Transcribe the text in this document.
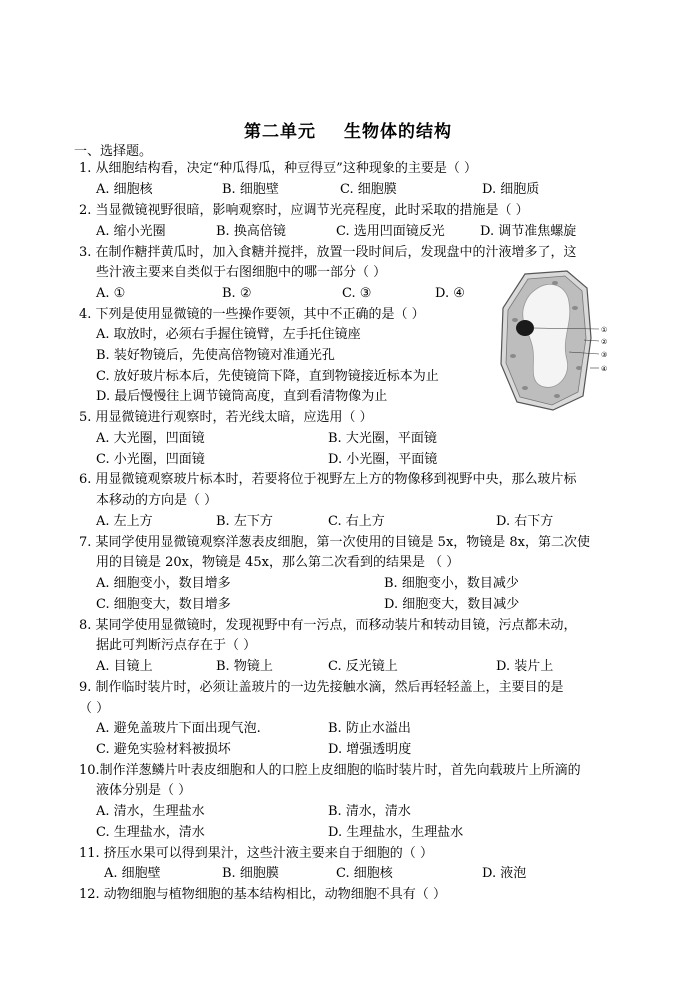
第二单元 生物体的结构
一、选择题。
1. 从细胞结构看，决定“种瓜得瓜，种豆得豆”这种现象的主要是（ ）
A. 细胞核	B. 细胞壁	C. 细胞膜	D. 细胞质
2. 当显微镜视野很暗，影响观察时，应调节光亮程度，此时采取的措施是（ ）
A. 缩小光圈	B. 换高倍镜	C. 选用凹面镜反光	D. 调节准焦螺旋
3. 在制作糖拌黄瓜时，加入食糖并搅拌，放置一段时间后，发现盘中的汁液增多了，这
些汁液主要来自类似于右图细胞中的哪一部分（ ）
A. ①	B. ②	C. ③	D. ④
4. 下列是使用显微镜的一些操作要领，其中不正确的是（ ）
A. 取放时，必须右手握住镜臂，左手托住镜座
B. 装好物镜后，先使高倍物镜对准通光孔
C. 放好玻片标本后，先使镜筒下降，直到物镜接近标本为止
D. 最后慢慢往上调节镜筒高度，直到看清物像为止
5. 用显微镜进行观察时，若光线太暗，应选用（ ）
A. 大光圈，凹面镜	B. 大光圈，平面镜
C. 小光圈，凹面镜	D. 小光圈，平面镜
6. 用显微镜观察玻片标本时，若要将位于视野左上方的物像移到视野中央，那么玻片标
本移动的方向是（ ）
A. 左上方	B. 左下方	C. 右上方	D. 右下方
7. 某同学使用显微镜观察洋葱表皮细胞，第一次使用的目镜是 5x，物镜是 8x，第二次使
用的目镜是 20x，物镜是 45x，那么第二次看到的结果是 （ ）
A. 细胞变小，数目增多	B. 细胞变小，数目减少
C. 细胞变大，数目增多	D. 细胞变大，数目减少
8. 某同学使用显微镜时，发现视野中有一污点，而移动装片和转动目镜，污点都未动，
据此可判断污点存在于（ ）
A. 目镜上	B. 物镜上	C. 反光镜上	D. 装片上
9. 制作临时装片时，必须让盖玻片的一边先接触水滴，然后再轻轻盖上，主要目的是
（ ）
A. 避免盖玻片下面出现气泡.	B. 防止水溢出
C. 避免实验材料被损坏	D. 增强透明度
10.制作洋葱鳞片叶表皮细胞和人的口腔上皮细胞的临时装片时，首先向载玻片上所滴的
液体分别是（ ）
A. 清水，生理盐水	B. 清水，清水
C. 生理盐水，清水	D. 生理盐水，生理盐水
11. 挤压水果可以得到果汁，这些汁液主要来自于细胞的（ ）
A. 细胞壁	B. 细胞膜	C. 细胞核	D. 液泡
12. 动物细胞与植物细胞的基本结构相比，动物细胞不具有（ ）
①
②
③
④
